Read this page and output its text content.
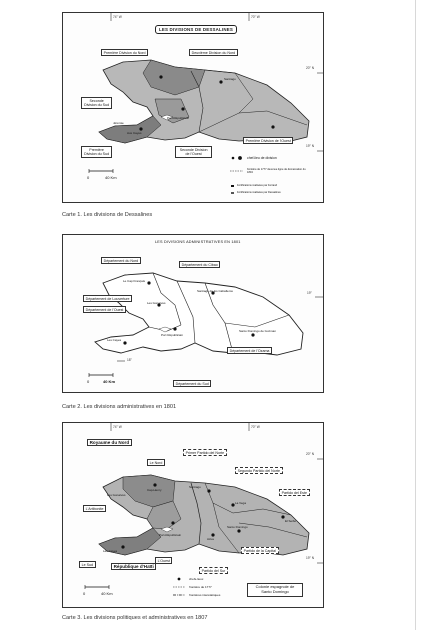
74° W	70° W
20° N
19° N
LES DIVISIONS DE DESSALINES
Première Division du Nord	Deuxième Division du Nord
Seconde Division du Sud
Première Division du Sud
Seconde Division de l'Ouest
Première Division de l'Ouest
Santiago
Port-Républicain
Jérémie
Aux Cayes
chef-lieu de division
frontière de 1777 devenue ligne de démarcation du 1804
Fortifications réalisées par Ferrand
Fortifications réalisées par Dessalines
0	40 Km
Carte 1. Les divisions de Dessalines
LES DIVISIONS ADMINISTRATIVES EN 1801
Département du Nord
Département du Cibao
Département de Louverture
Département de l'Ouest
Département de l'Ozama
Département du Sud
Le Cap Français
Santiago de los Caballeros
Les Gonaïves
Port Républicain
Santo Domingo de Guzman
Les Cayes
19°
18°
0	40 Km
Carte 2. Les divisions administratives en 1801
74° W	70° W
20° N
19° N
Royaume du Nord
Le Nord
Primer Partido del Norte
Segundo Partido del Norte
Partido del Este
L'Artibonite
Partido de la Capital
L'Ouest
Partido del Sur
Le Sud	République d'Haïti
Colonie espagnole de Santo Domingo
Cap-Henry
Santiago
La Vega
Les Gonaïves
El Seibo
Santo Domingo
Port-Républicain
Azua
Les Cayes
chefs-lieux
frontière de 1777
frontières interétatiques
0	40 Km
Carte 3. Les divisions politiques et administratives en 1807
